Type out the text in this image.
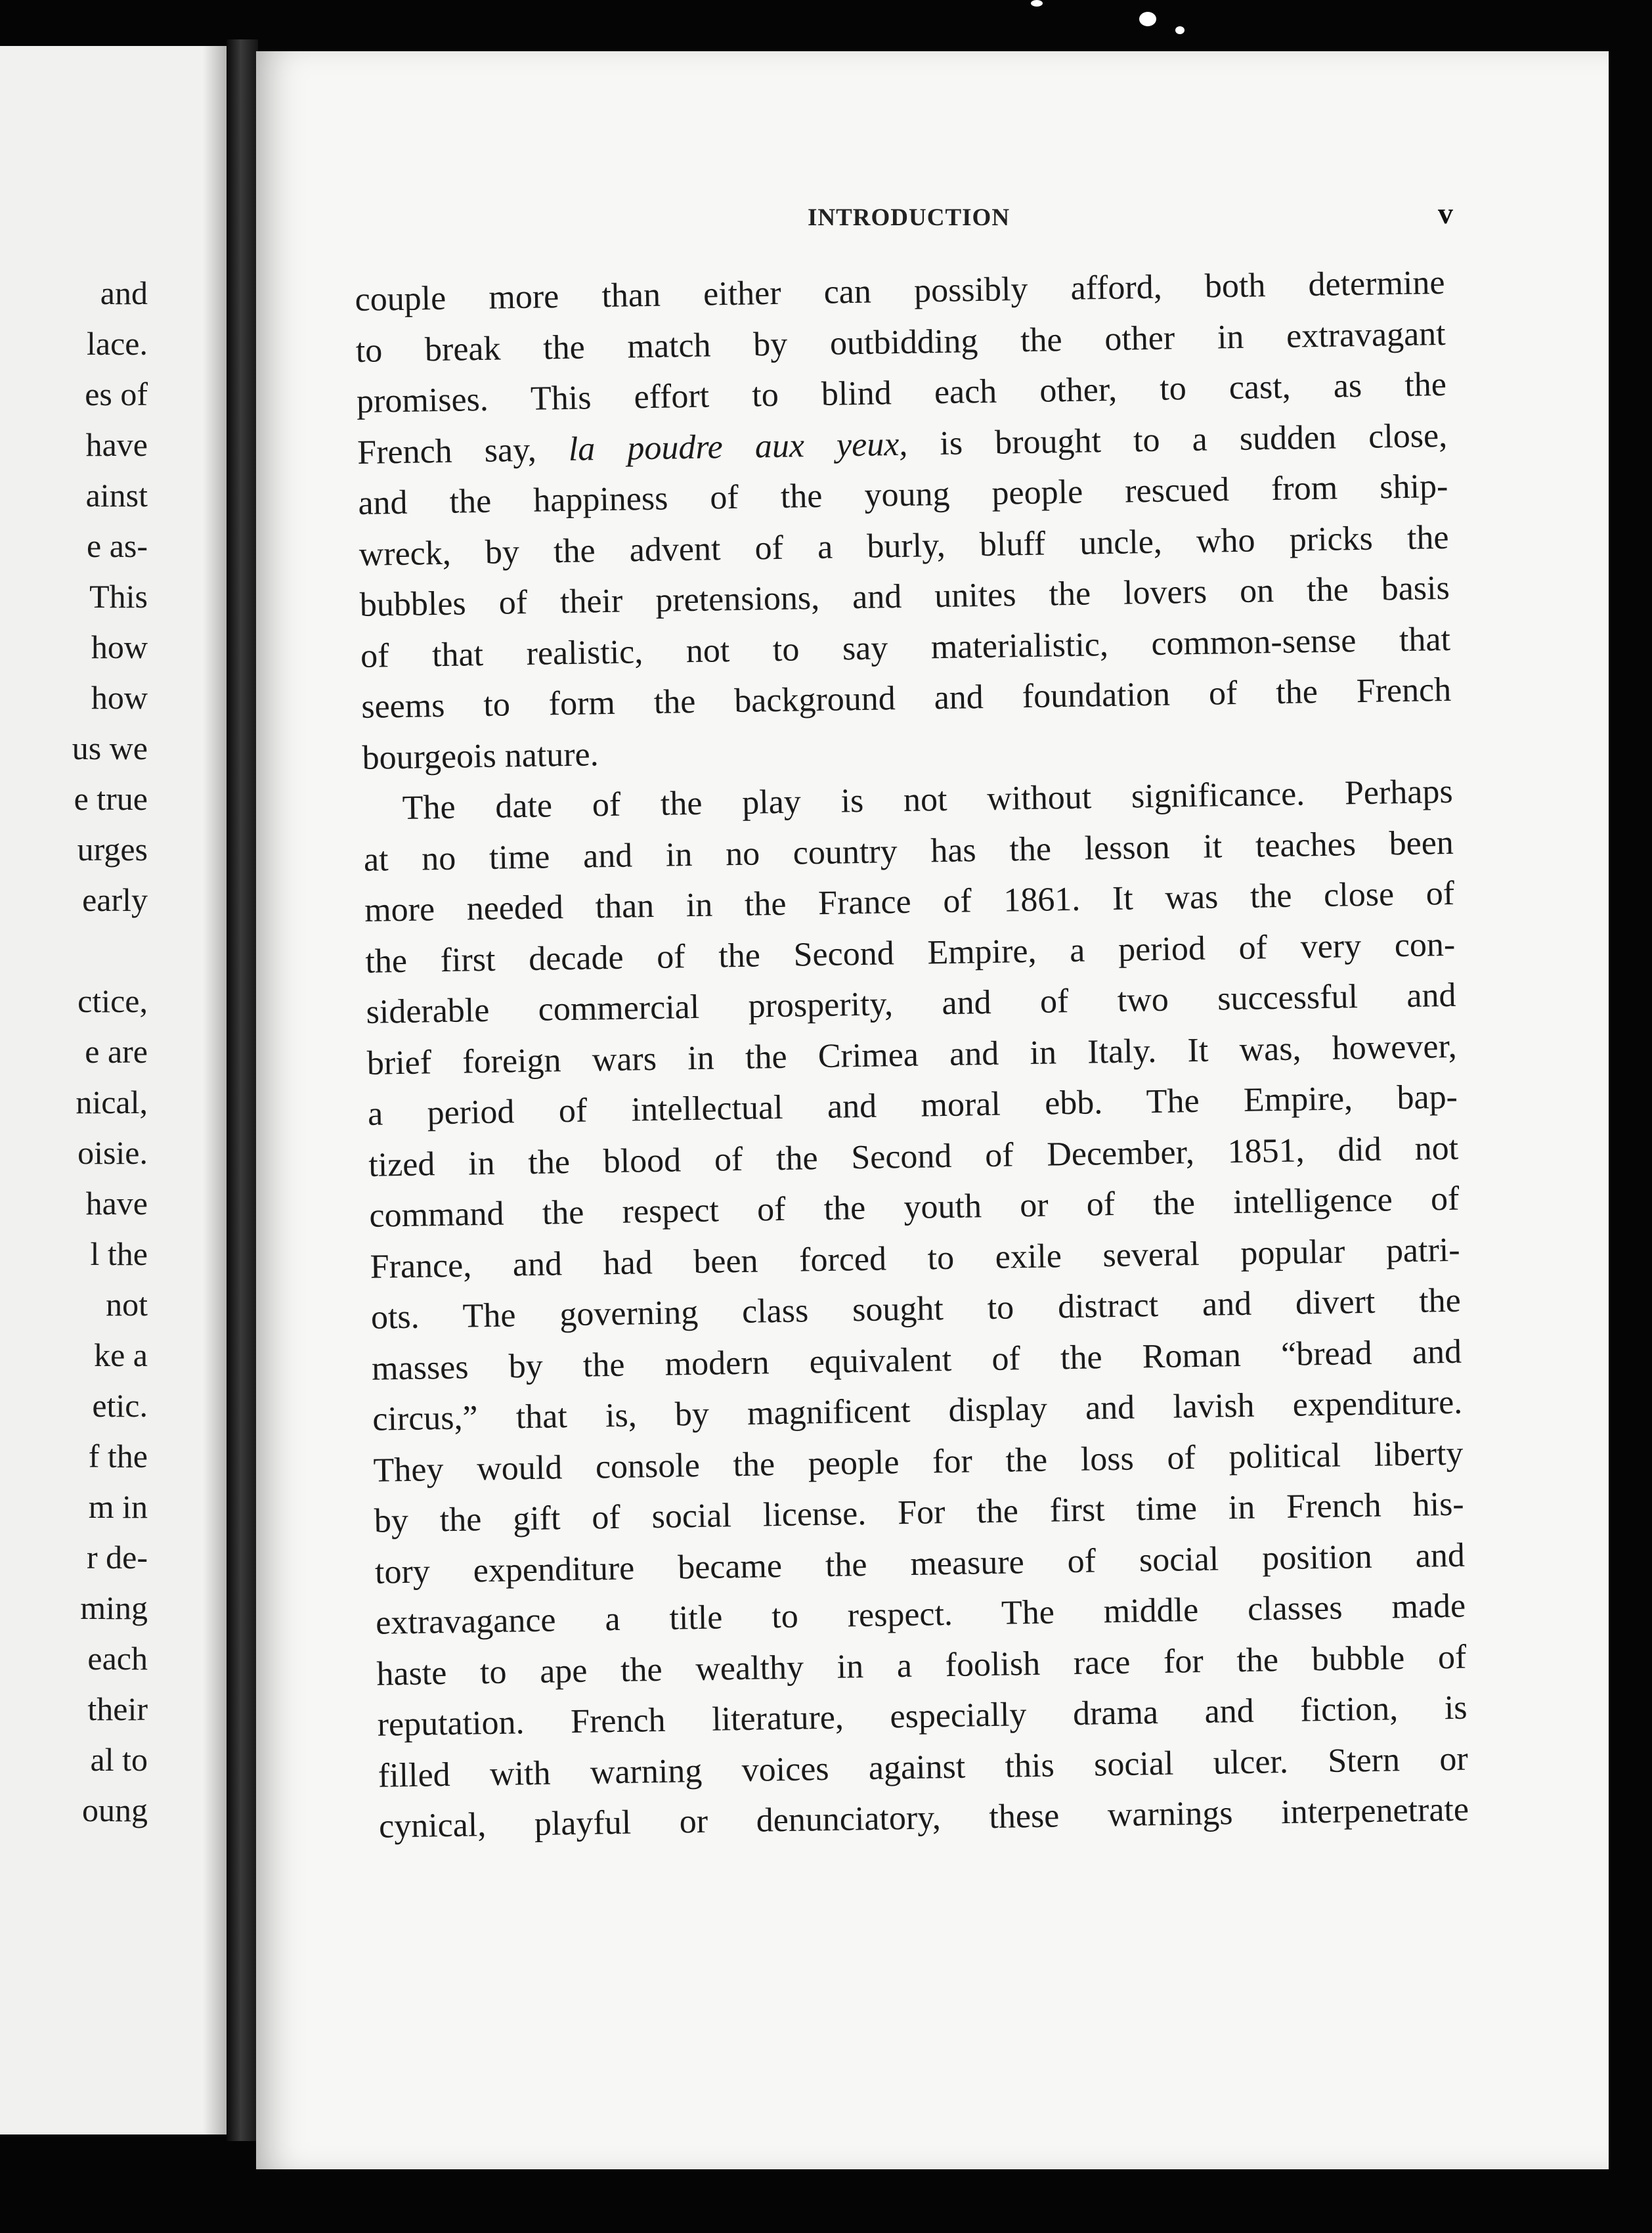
and
lace.
es of
have
ainst
e as-
This
how
how
us we
e true
urges
early
ctice,
e are
nical,
oisie.
have
l the
not
ke a
etic.
f the
m in
r de-
ming
each
their
al to
oung
INTRODUCTION	v
couple more than either can possibly afford, both determine
to break the match by outbidding the other in extravagant
promises. This effort to blind each other, to cast, as the
French say, la poudre aux yeux, is brought to a sudden close,
and the happiness of the young people rescued from ship-
wreck, by the advent of a burly, bluff uncle, who pricks the
bubbles of their pretensions, and unites the lovers on the basis
of that realistic, not to say materialistic, common-sense that
seems to form the background and foundation of the French
bourgeois nature.
The date of the play is not without significance. Perhaps
at no time and in no country has the lesson it teaches been
more needed than in the France of 1861. It was the close of
the first decade of the Second Empire, a period of very con-
siderable commercial prosperity, and of two successful and
brief foreign wars in the Crimea and in Italy. It was, however,
a period of intellectual and moral ebb. The Empire, bap-
tized in the blood of the Second of December, 1851, did not
command the respect of the youth or of the intelligence of
France, and had been forced to exile several popular patri-
ots. The governing class sought to distract and divert the
masses by the modern equivalent of the Roman “bread and
circus,” that is, by magnificent display and lavish expenditure.
They would console the people for the loss of political liberty
by the gift of social license. For the first time in French his-
tory expenditure became the measure of social position and
extravagance a title to respect. The middle classes made
haste to ape the wealthy in a foolish race for the bubble of
reputation. French literature, especially drama and fiction, is
filled with warning voices against this social ulcer. Stern or
cynical, playful or denunciatory, these warnings interpenetrate
